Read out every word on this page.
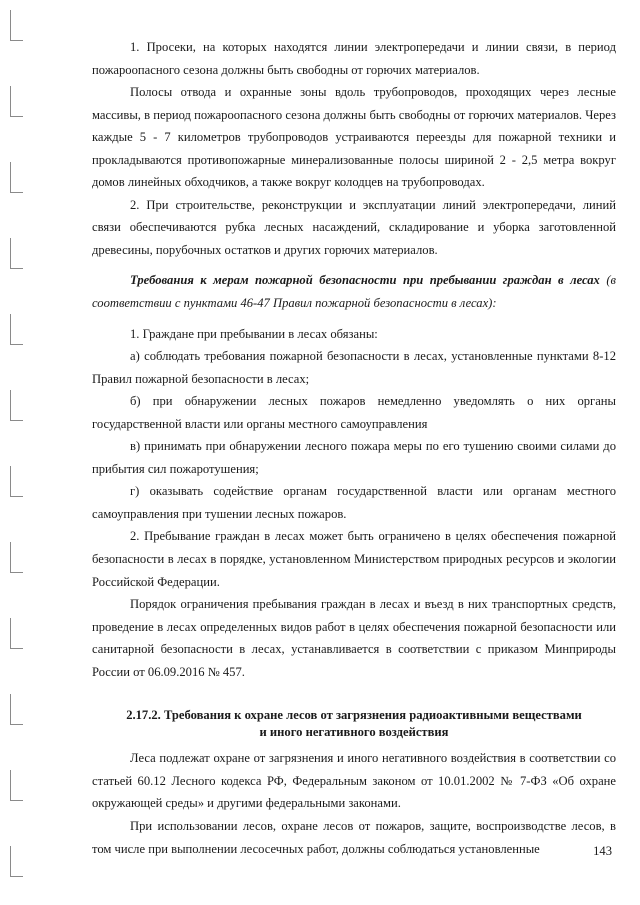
1. Просеки, на которых находятся линии электропередачи и линии связи, в период пожароопасного сезона должны быть свободны от горючих материалов.

Полосы отвода и охранные зоны вдоль трубопроводов, проходящих через лесные массивы, в период пожароопасного сезона должны быть свободны от горючих материалов. Через каждые 5 - 7 километров трубопроводов устраиваются переезды для пожарной техники и прокладываются противопожарные минерализованные полосы шириной 2 - 2,5 метра вокруг домов линейных обходчиков, а также вокруг колодцев на трубопроводах.

2. При строительстве, реконструкции и эксплуатации линий электропередачи, линий связи обеспечиваются рубка лесных насаждений, складирование и уборка заготовленной древесины, порубочных остатков и других горючих материалов.

Требования к мерам пожарной безопасности при пребывании граждан в лесах (в соответствии с пунктами 46-47 Правил пожарной безопасности в лесах):

1. Граждане при пребывании в лесах обязаны:

а) соблюдать требования пожарной безопасности в лесах, установленные пунктами 8-12 Правил пожарной безопасности в лесах;

б) при обнаружении лесных пожаров немедленно уведомлять о них органы государственной власти или органы местного самоуправления

в) принимать при обнаружении лесного пожара меры по его тушению своими силами до прибытия сил пожаротушения;

г) оказывать содействие органам государственной власти или органам местного самоуправления при тушении лесных пожаров.

2. Пребывание граждан в лесах может быть ограничено в целях обеспечения пожарной безопасности в лесах в порядке, установленном Министерством природных ресурсов и экологии Российской Федерации.

Порядок ограничения пребывания граждан в лесах и въезд в них транспортных средств, проведение в лесах определенных видов работ в целях обеспечения пожарной безопасности или санитарной безопасности в лесах, устанавливается в соответствии с приказом Минприроды России от 06.09.2016 № 457.

2.17.2. Требования к охране лесов от загрязнения радиоактивными веществами
и иного негативного воздействия

Леса подлежат охране от загрязнения и иного негативного воздействия в соответствии со статьей 60.12 Лесного кодекса РФ, Федеральным законом от 10.01.2002 № 7-ФЗ «Об охране окружающей среды» и другими федеральными законами.

При использовании лесов, охране лесов от пожаров, защите, воспроизводстве лесов, в том числе при выполнении лесосечных работ, должны соблюдаться установленные	143
